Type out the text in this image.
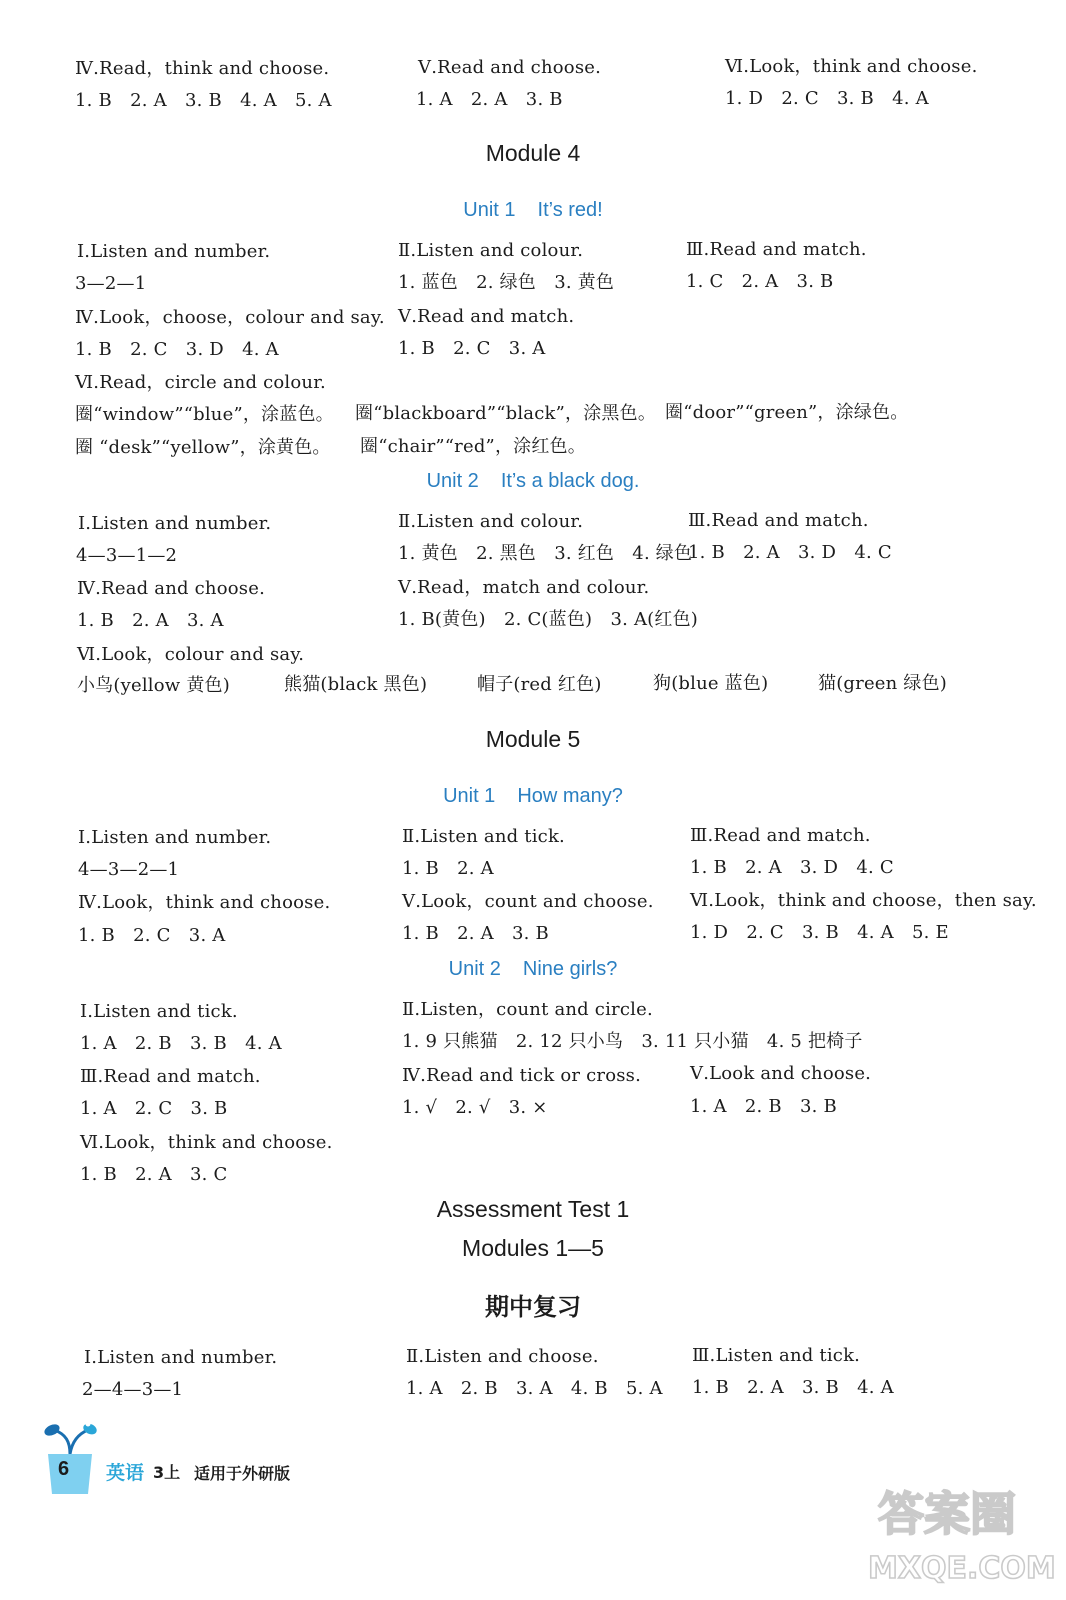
Ⅳ.Read，think and choose.
1. B　2. A　3. B　4. A　5. A
Ⅴ.Read and choose.
1. A　2. A　3. B
Ⅵ.Look，think and choose.
1. D　2. C　3. B　4. A
Module 4
Unit 1 It’s red!
Ⅰ.Listen and number.
3—2—1
Ⅱ.Listen and colour.
1. 蓝色　2. 绿色　3. 黄色
Ⅲ.Read and match.
1. C　2. A　3. B
Ⅳ.Look，choose，colour and say.
1. B　2. C　3. D　4. A
Ⅴ.Read and match.
1. B　2. C　3. A
Ⅵ.Read，circle and colour.
圈“window”“blue”，涂蓝色。 圈“blackboard”“black”，涂黑色。 圈“door”“green”，涂绿色。
圈 “desk”“yellow”，涂黄色。 圈“chair”“red”，涂红色。
Unit 2 It’s a black dog.
Ⅰ.Listen and number.
4—3—1—2
Ⅱ.Listen and colour.
1. 黄色　2. 黑色　3. 红色　4. 绿色
Ⅲ.Read and match.
1. B　2. A　3. D　4. C
Ⅳ.Read and choose.
1. B　2. A　3. A
Ⅴ.Read，match and colour.
1. B(黄色)　2. C(蓝色)　3. A(红色)
Ⅵ.Look，colour and say.
小鸟(yellow 黄色)	熊猫(black 黑色)	帽子(red 红色)	狗(blue 蓝色)	猫(green 绿色)
Module 5
Unit 1 How many?
Ⅰ.Listen and number.
4—3—2—1
Ⅱ.Listen and tick.
1. B　2. A
Ⅲ.Read and match.
1. B　2. A　3. D　4. C
Ⅳ.Look，think and choose.
1. B　2. C　3. A
Ⅴ.Look，count and choose.
1. B　2. A　3. B
Ⅵ.Look，think and choose，then say.
1. D　2. C　3. B　4. A　5. E
Unit 2 Nine girls?
Ⅰ.Listen and tick.
1. A　2. B　3. B　4. A
Ⅱ.Listen，count and circle.
1. 9 只熊猫　2. 12 只小鸟　3. 11 只小猫　4. 5 把椅子
Ⅲ.Read and match.
1. A　2. C　3. B
Ⅳ.Read and tick or cross.
1. √　2. √　3. ×
Ⅴ.Look and choose.
1. A　2. B　3. B
Ⅵ.Look，think and choose.
1. B　2. A　3. C
Assessment Test 1
Modules 1—5
期中复习
Ⅰ.Listen and number.
2—4—3—1
Ⅱ.Listen and choose.
1. A　2. B　3. A　4. B　5. A
Ⅲ.Listen and tick.
1. B　2. A　3. B　4. A
6 英语 3上 适用于外研版
答案圈
MXQE.COM
